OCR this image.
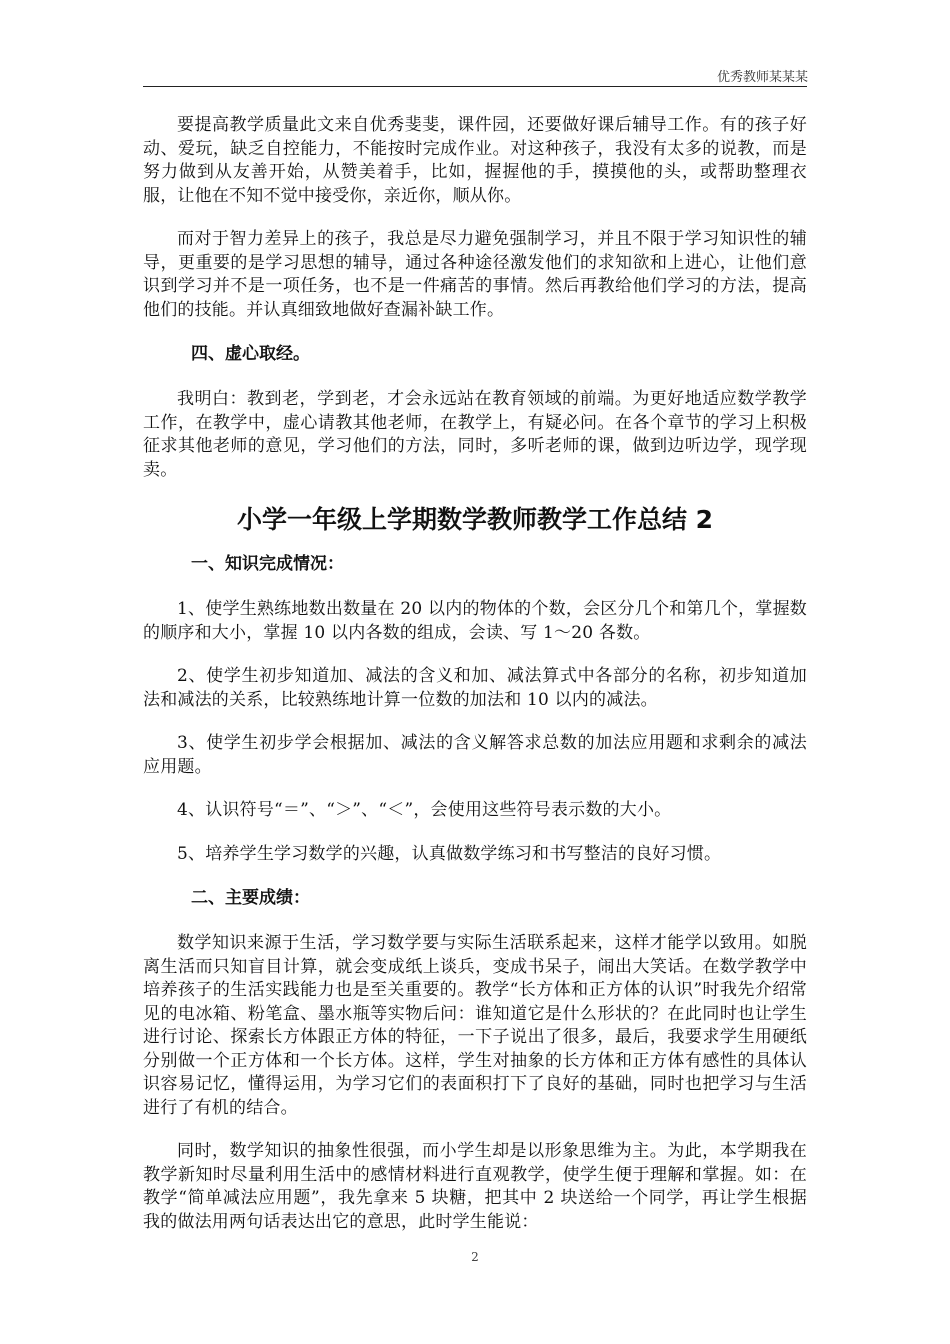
优秀教师某某某

要提高教学质量此文来自优秀斐斐，课件园，还要做好课后辅导工作。有的孩子好动、爱玩，缺乏自控能力，不能按时完成作业。对这种孩子，我没有太多的说教，而是努力做到从友善开始，从赞美着手，比如，握握他的手，摸摸他的头，或帮助整理衣服，让他在不知不觉中接受你，亲近你，顺从你。

而对于智力差异上的孩子，我总是尽力避免强制学习，并且不限于学习知识性的辅导，更重要的是学习思想的辅导，通过各种途径激发他们的求知欲和上进心，让他们意识到学习并不是一项任务，也不是一件痛苦的事情。然后再教给他们学习的方法，提高他们的技能。并认真细致地做好查漏补缺工作。

四、虚心取经。

我明白：教到老，学到老，才会永远站在教育领域的前端。为更好地适应数学教学工作，在教学中，虚心请教其他老师，在教学上，有疑必问。在各个章节的学习上积极征求其他老师的意见，学习他们的方法，同时，多听老师的课，做到边听边学，现学现卖。

小学一年级上学期数学教师教学工作总结 2
一、知识完成情况：

1、使学生熟练地数出数量在 20 以内的物体的个数，会区分几个和第几个，掌握数的顺序和大小，掌握 10 以内各数的组成，会读、写 1～20 各数。

2、使学生初步知道加、减法的含义和加、减法算式中各部分的名称，初步知道加法和减法的关系，比较熟练地计算一位数的加法和 10 以内的减法。

3、使学生初步学会根据加、减法的含义解答求总数的加法应用题和求剩余的减法应用题。

4、认识符号“＝”、“＞”、“＜”，会使用这些符号表示数的大小。

5、培养学生学习数学的兴趣，认真做数学练习和书写整洁的良好习惯。

二、主要成绩：

数学知识来源于生活，学习数学要与实际生活联系起来，这样才能学以致用。如脱离生活而只知盲目计算，就会变成纸上谈兵，变成书呆子，闹出大笑话。在数学教学中培养孩子的生活实践能力也是至关重要的。教学“长方体和正方体的认识”时我先介绍常见的电冰箱、粉笔盒、墨水瓶等实物后问：谁知道它是什么形状的？在此同时也让学生进行讨论、探索长方体跟正方体的特征，一下子说出了很多，最后，我要求学生用硬纸分别做一个正方体和一个长方体。这样，学生对抽象的长方体和正方体有感性的具体认识容易记忆，懂得运用，为学习它们的表面积打下了良好的基础，同时也把学习与生活进行了有机的结合。

同时，数学知识的抽象性很强，而小学生却是以形象思维为主。为此，本学期我在教学新知时尽量利用生活中的感情材料进行直观教学，使学生便于理解和掌握。如：在教学“简单减法应用题”，我先拿来 5 块糖，把其中 2 块送给一个同学，再让学生根据我的做法用两句话表达出它的意思，此时学生能说：

2
